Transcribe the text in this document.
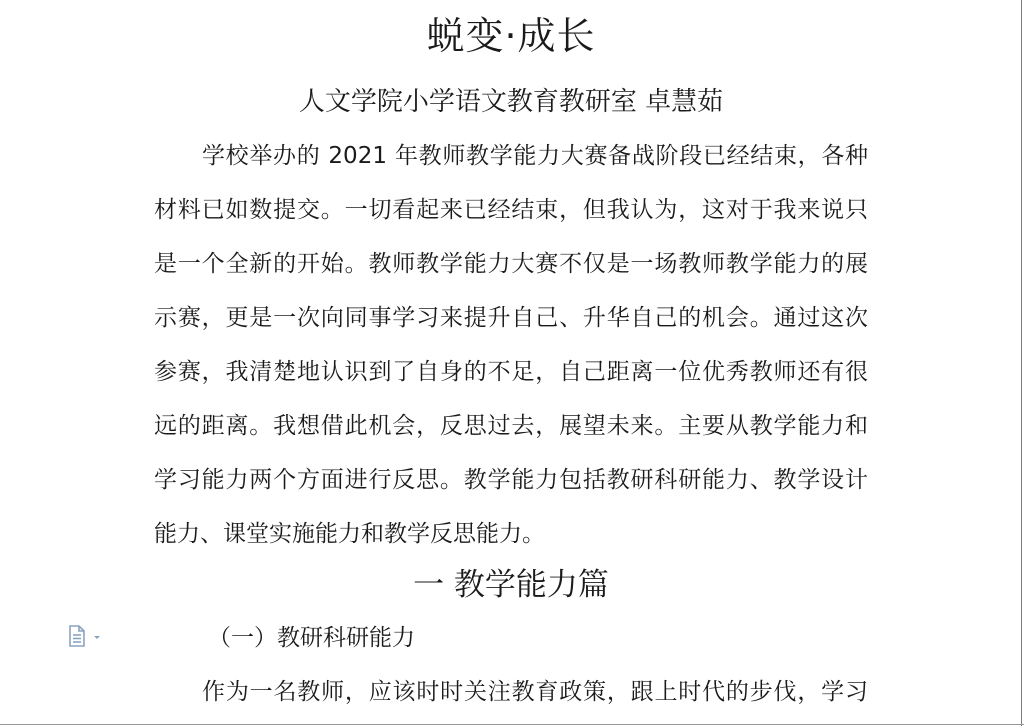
蜕变·成长
人文学院小学语文教育教研室 卓慧茹
学校举办的 2021 年教师教学能力大赛备战阶段已经结束，各种
材料已如数提交。一切看起来已经结束，但我认为，这对于我来说只
是一个全新的开始。教师教学能力大赛不仅是一场教师教学能力的展
示赛，更是一次向同事学习来提升自己、升华自己的机会。通过这次
参赛，我清楚地认识到了自身的不足，自己距离一位优秀教师还有很
远的距离。我想借此机会，反思过去，展望未来。主要从教学能力和
学习能力两个方面进行反思。教学能力包括教研科研能力、教学设计
能力、课堂实施能力和教学反思能力。
一 教学能力篇
（一）教研科研能力
作为一名教师，应该时时关注教育政策，跟上时代的步伐，学习
